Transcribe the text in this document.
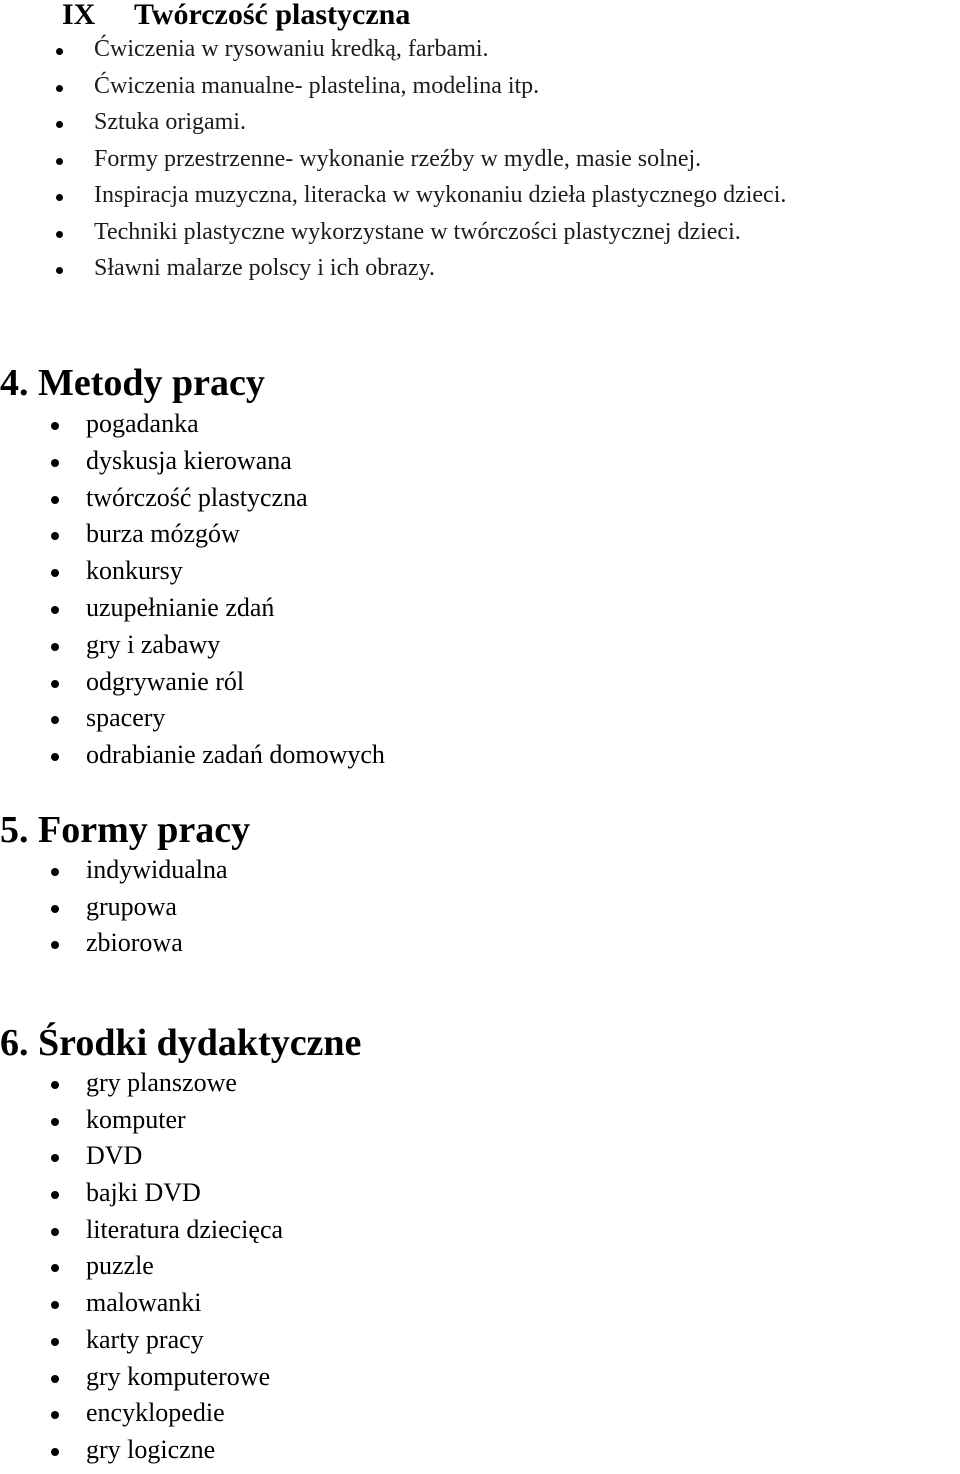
IX Twórczość plastyczna
Ćwiczenia w rysowaniu kredką, farbami.
Ćwiczenia manualne- plastelina, modelina itp.
Sztuka origami.
Formy przestrzenne- wykonanie rzeźby w mydle, masie solnej.
Inspiracja muzyczna, literacka w wykonaniu dzieła plastycznego dzieci.
Techniki plastyczne wykorzystane w twórczości plastycznej dzieci.
Sławni malarze polscy i ich obrazy.
4. Metody pracy
pogadanka
dyskusja kierowana
twórczość plastyczna
burza mózgów
konkursy
uzupełnianie zdań
gry i zabawy
odgrywanie ról
spacery
odrabianie zadań domowych
5. Formy pracy
indywidualna
grupowa
zbiorowa
6. Środki dydaktyczne
gry planszowe
komputer
DVD
bajki DVD
literatura dziecięca
puzzle
malowanki
karty pracy
gry komputerowe
encyklopedie
gry logiczne
